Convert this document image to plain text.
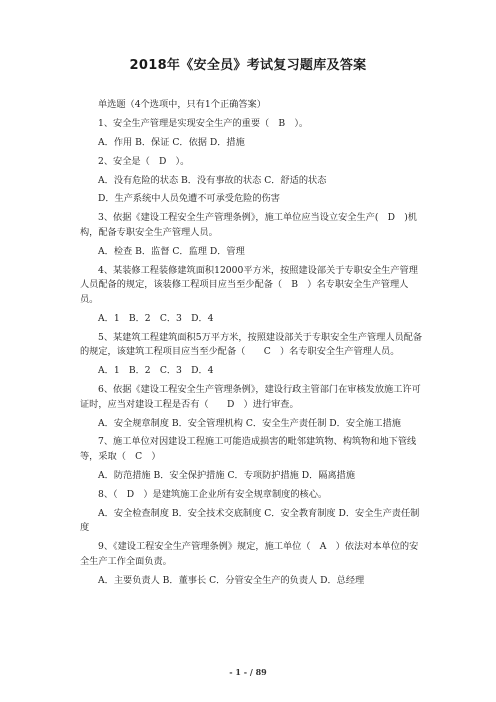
2018年《安全员》考试复习题库及答案

单选题（4个选项中，只有1个正确答案）

1、安全生产管理是实现安全生产的重要（　B　）。

A．作用 B．保证 C．依据 D．措施

2、安全是（　D　）。

A．没有危险的状态 B．没有事故的状态 C．舒适的状态

D．生产系统中人员免遭不可承受危险的伤害

3、依据《建设工程安全生产管理条例》，施工单位应当设立安全生产(　D　)机构，配备专职安全生产管理人员。

A．检查 B．监督 C．监理 D．管理

4、某装修工程装修建筑面积12000平方米，按照建设部关于专职安全生产管理人员配备的规定，该装修工程项目应当至少配备（　B　）名专职安全生产管理人员。

A．1　B．2　C．3　D．4

5、某建筑工程建筑面积5万平方米，按照建设部关于专职安全生产管理人员配备的规定，该建筑工程项目应当至少配备（　　C　）名专职安全生产管理人员。

A．1　B．2　C．3　D．4

6、依据《建设工程安全生产管理条例》，建设行政主管部门在审核发放施工许可证时，应当对建设工程是否有（　　D　）进行审查。

A．安全规章制度 B．安全管理机构 C．安全生产责任制 D．安全施工措施

7、施工单位对因建设工程施工可能造成损害的毗邻建筑物、构筑物和地下管线等，采取（　C　）

A．防范措施 B．安全保护措施 C．专项防护措施 D．隔离措施

8、（　D　）是建筑施工企业所有安全规章制度的核心。

A．安全检查制度 B．安全技术交底制度 C．安全教育制度 D．安全生产责任制度

9、《建设工程安全生产管理条例》规定，施工单位（　A　）依法对本单位的安全生产工作全面负责。

A．主要负责人 B．董事长 C．分管安全生产的负责人 D．总经理

- 1 - / 89
